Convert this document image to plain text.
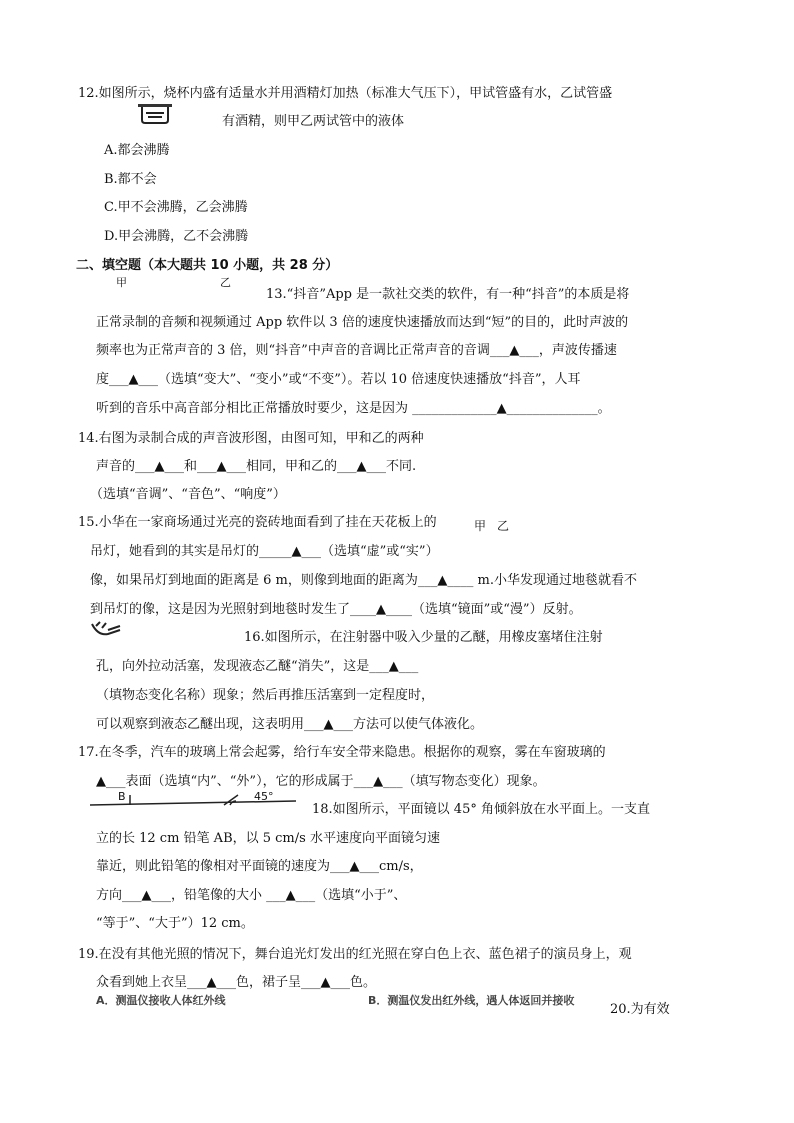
12.如图所示，烧杯内盛有适量水并用酒精灯加热（标准大气压下），甲试管盛有水，乙试管盛
有酒精，则甲乙两试管中的液体
A.都会沸腾
B.都不会
C.甲不会沸腾，乙会沸腾
D.甲会沸腾，乙不会沸腾
二、填空题（本大题共 10 小题，共 28 分）
甲	乙
13.“抖音”App 是一款社交类的软件，有一种“抖音”的本质是将
正常录制的音频和视频通过 App 软件以 3 倍的速度快速播放而达到“短”的目的，此时声波的
频率也为正常声音的 3 倍，则“抖音”中声音的音调比正常声音的音调___▲___，声波传播速
度___▲___（选填“变大”、“变小”或“不变”）。若以 10 倍速度快速播放“抖音”，人耳
听到的音乐中高音部分相比正常播放时要少，这是因为 _____________▲______________。
14.右图为录制合成的声音波形图，由图可知，甲和乙的两种
声音的___▲___和___▲___相同，甲和乙的___▲___不同.
（选填“音调”、“音色”、“响度”）
15.小华在一家商场通过光亮的瓷砖地面看到了挂在天花板上的	甲 乙
吊灯，她看到的其实是吊灯的_____▲___（选填“虚”或“实”）
像，如果吊灯到地面的距离是 6 m，则像到地面的距离为___▲____ m.小华发现通过地毯就看不
到吊灯的像，这是因为光照射到地毯时发生了____▲____（选填“镜面”或“漫”）反射。
16.如图所示，在注射器中吸入少量的乙醚，用橡皮塞堵住注射
孔，向外拉动活塞，发现液态乙醚“消失”，这是___▲___
（填物态变化名称）现象；然后再推压活塞到一定程度时，
可以观察到液态乙醚出现，这表明用___▲___方法可以使气体液化。
17.在冬季，汽车的玻璃上常会起雾，给行车安全带来隐患。根据你的观察，雾在车窗玻璃的
▲___表面（选填“内”、“外”），它的形成属于___▲___（填写物态变化）现象。
B	45°
18.如图所示，平面镜以 45° 角倾斜放在水平面上。一支直
立的长 12 cm 铅笔 AB，以 5 cm/s 水平速度向平面镜匀速
靠近，则此铅笔的像相对平面镜的速度为___▲___cm/s，
方向___▲___，铅笔像的大小 ___▲___（选填“小于”、
“等于”、“大于”）12 cm。
19.在没有其他光照的情况下，舞台追光灯发出的红光照在穿白色上衣、蓝色裙子的演员身上，观
众看到她上衣呈___▲___色，裙子呈___▲___色。
A．测温仪接收人体红外线	B．测温仪发出红外线，遇人体返回并接收
20.为有效
